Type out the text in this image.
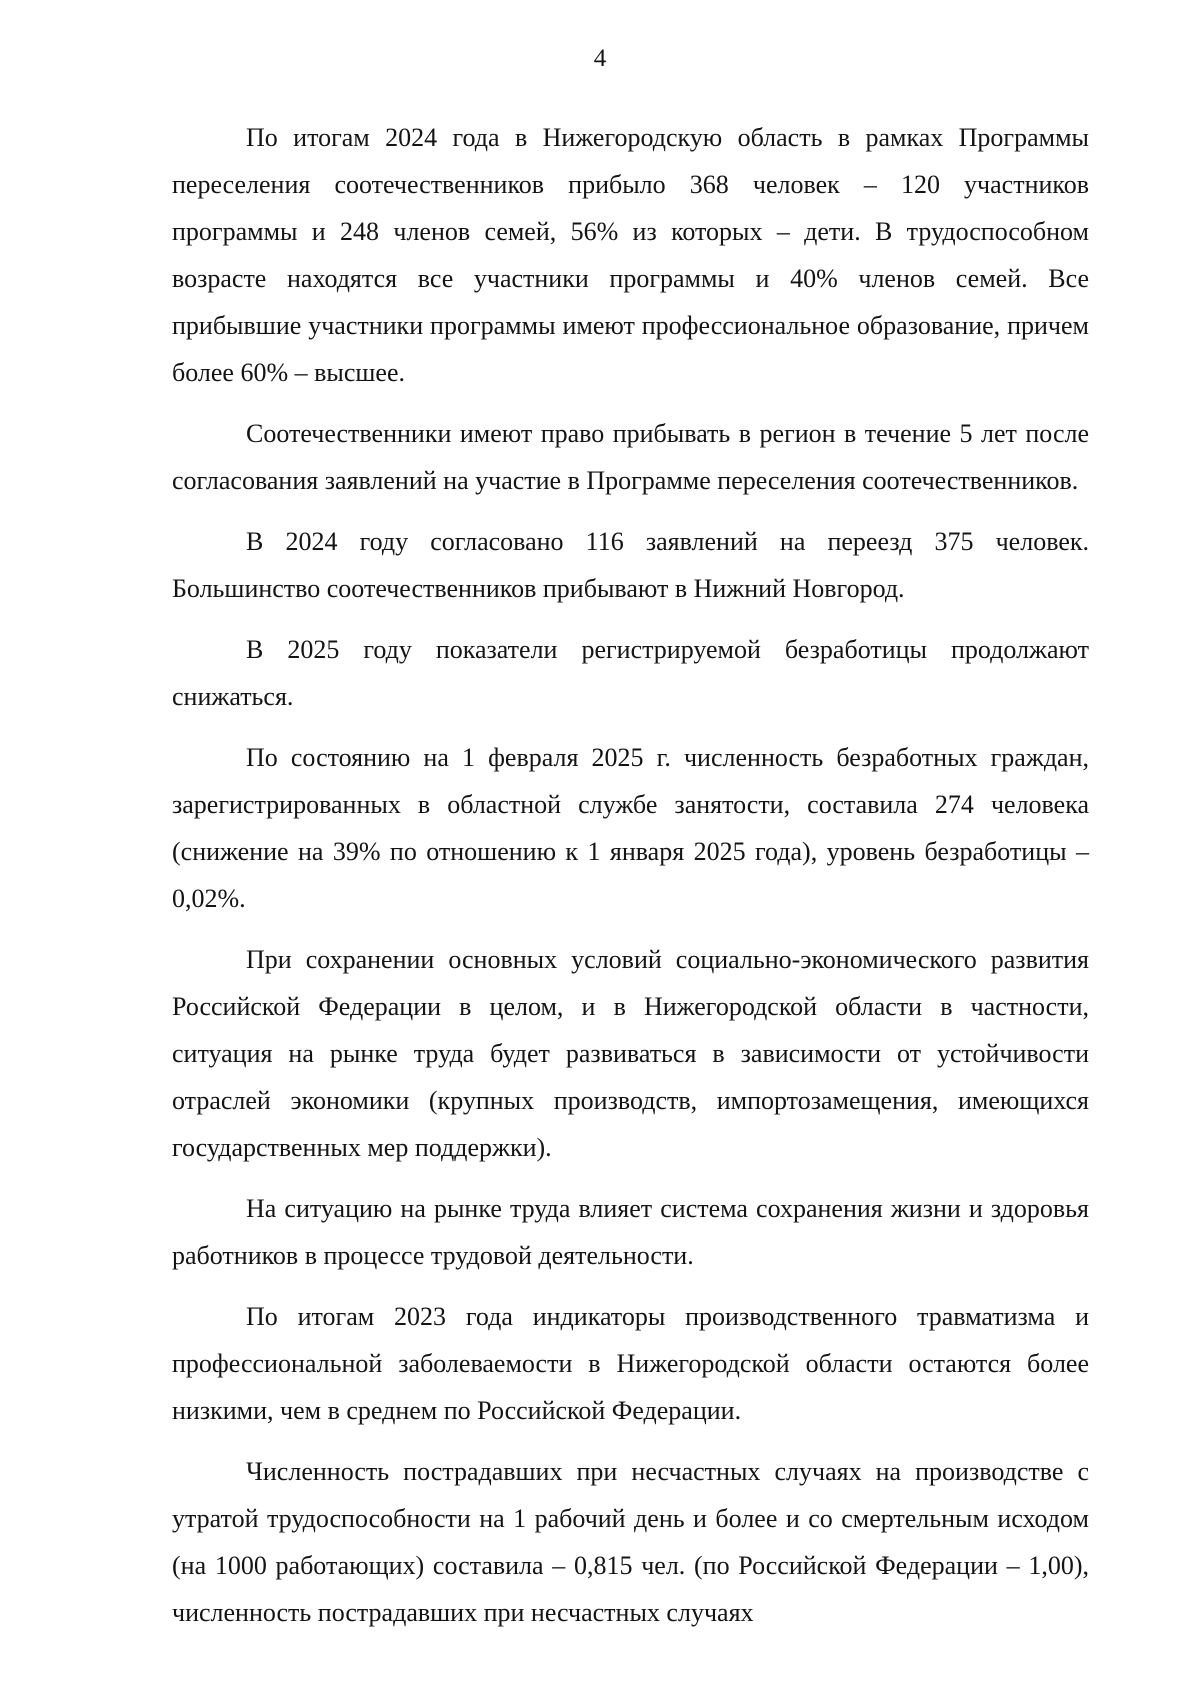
4

По итогам 2024 года в Нижегородскую область в рамках Программы переселения соотечественников прибыло 368 человек – 120 участников программы и 248 членов семей, 56% из которых – дети. В трудоспособном возрасте находятся все участники программы и 40% членов семей. Все прибывшие участники программы имеют профессиональное образование, причем более 60% – высшее.

Соотечественники имеют право прибывать в регион в течение 5 лет после согласования заявлений на участие в Программе переселения соотечественников.

В 2024 году согласовано 116 заявлений на переезд 375 человек. Большинство соотечественников прибывают в Нижний Новгород.

В 2025 году показатели регистрируемой безработицы продолжают снижаться.

По состоянию на 1 февраля 2025 г. численность безработных граждан, зарегистрированных в областной службе занятости, составила 274 человека (снижение на 39% по отношению к 1 января 2025 года), уровень безработицы – 0,02%.

При сохранении основных условий социально-экономического развития Российской Федерации в целом, и в Нижегородской области в частности, ситуация на рынке труда будет развиваться в зависимости от устойчивости отраслей экономики (крупных производств, импортозамещения, имеющихся государственных мер поддержки).

На ситуацию на рынке труда влияет система сохранения жизни и здоровья работников в процессе трудовой деятельности.

По итогам 2023 года индикаторы производственного травматизма и профессиональной заболеваемости в Нижегородской области остаются более низкими, чем в среднем по Российской Федерации.

Численность пострадавших при несчастных случаях на производстве с утратой трудоспособности на 1 рабочий день и более и со смертельным исходом (на 1000 работающих) составила – 0,815 чел. (по Российской Федерации – 1,00), численность пострадавших при несчастных случаях
